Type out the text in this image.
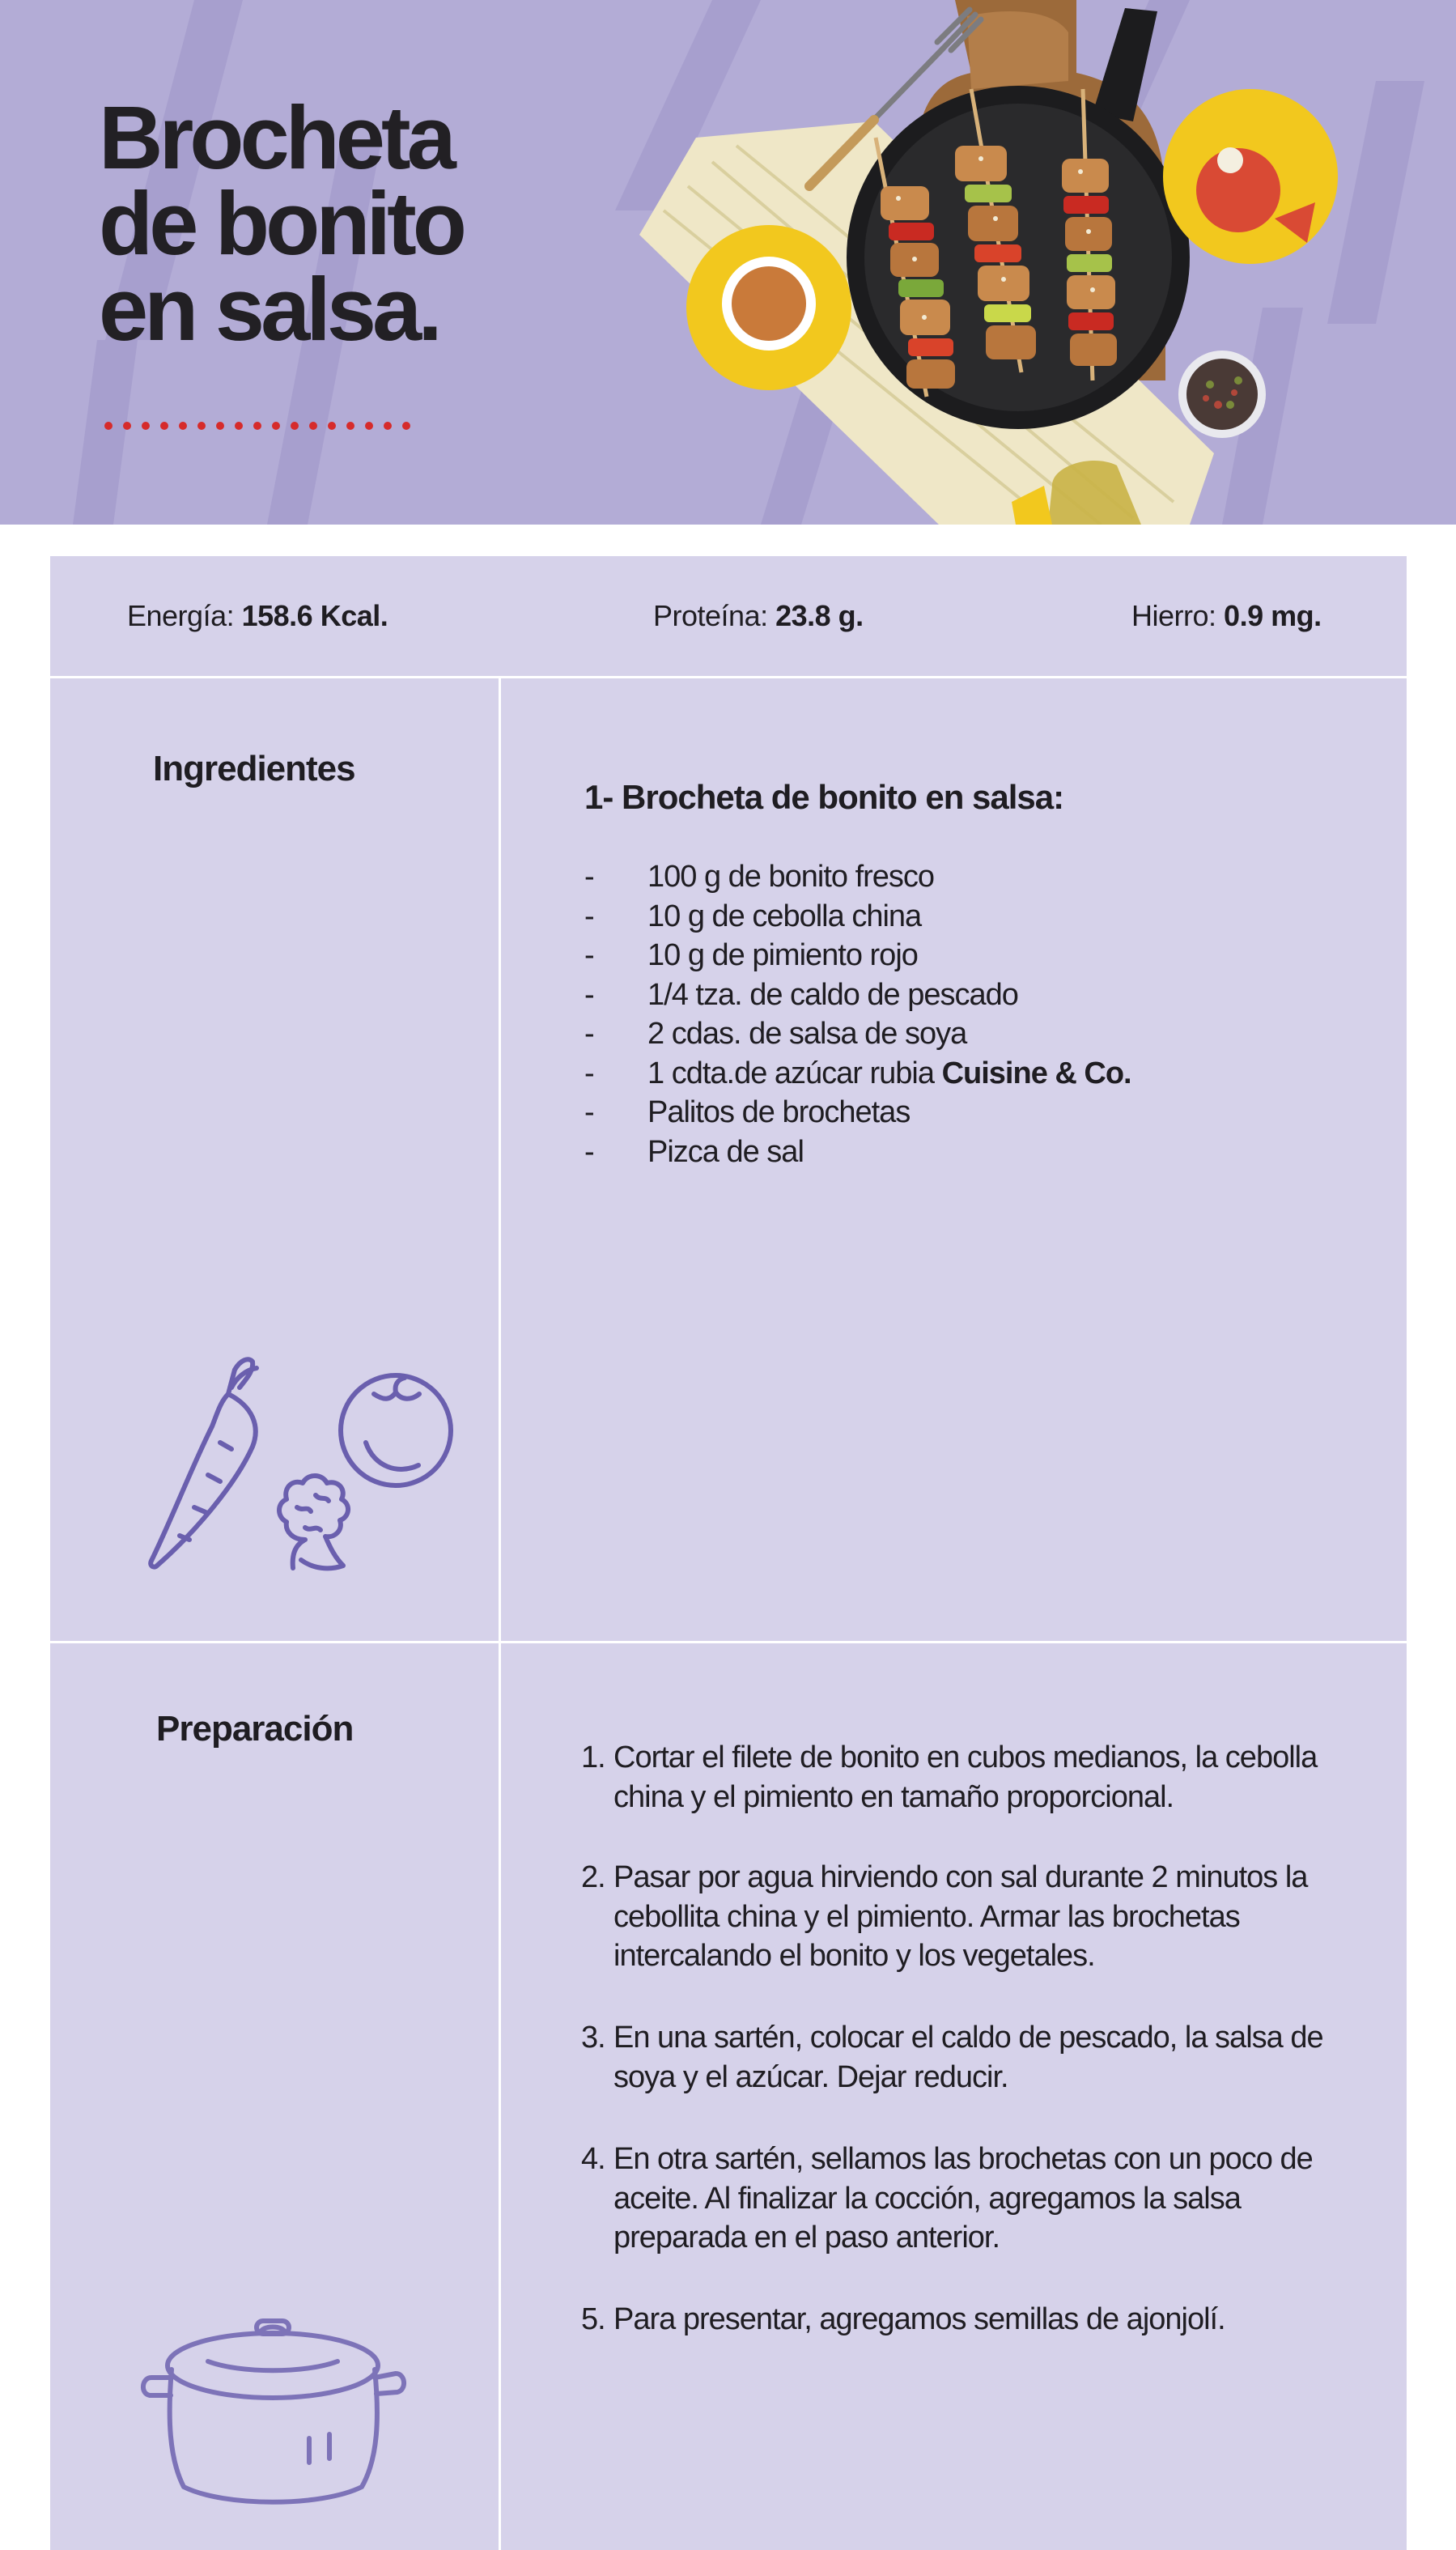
Brocheta
de bonito
en salsa.
Energía: 158.6 Kcal.	Proteína: 23.8 g.	Hierro: 0.9 mg.
Ingredientes
1- Brocheta de bonito en salsa:
- 100 g de bonito fresco
- 10 g de cebolla china
- 10 g de pimiento rojo
- 1/4 tza. de caldo de pescado
- 2 cdas. de salsa de soya
- 1 cdta.de azúcar rubia Cuisine & Co.
- Palitos de brochetas
- Pizca de sal
Preparación
1. Cortar el filete de bonito en cubos medianos, la cebolla china y el pimiento en tamaño proporcional.
2. Pasar por agua hirviendo con sal durante 2 minutos la cebollita china y el pimiento. Armar las brochetas intercalando el bonito y los vegetales.
3. En una sartén, colocar el caldo de pescado, la salsa de soya y el azúcar. Dejar reducir.
4. En otra sartén, sellamos las brochetas con un poco de aceite. Al finalizar la cocción, agregamos la salsa preparada en el paso anterior.
5. Para presentar, agregamos semillas de ajonjolí.
